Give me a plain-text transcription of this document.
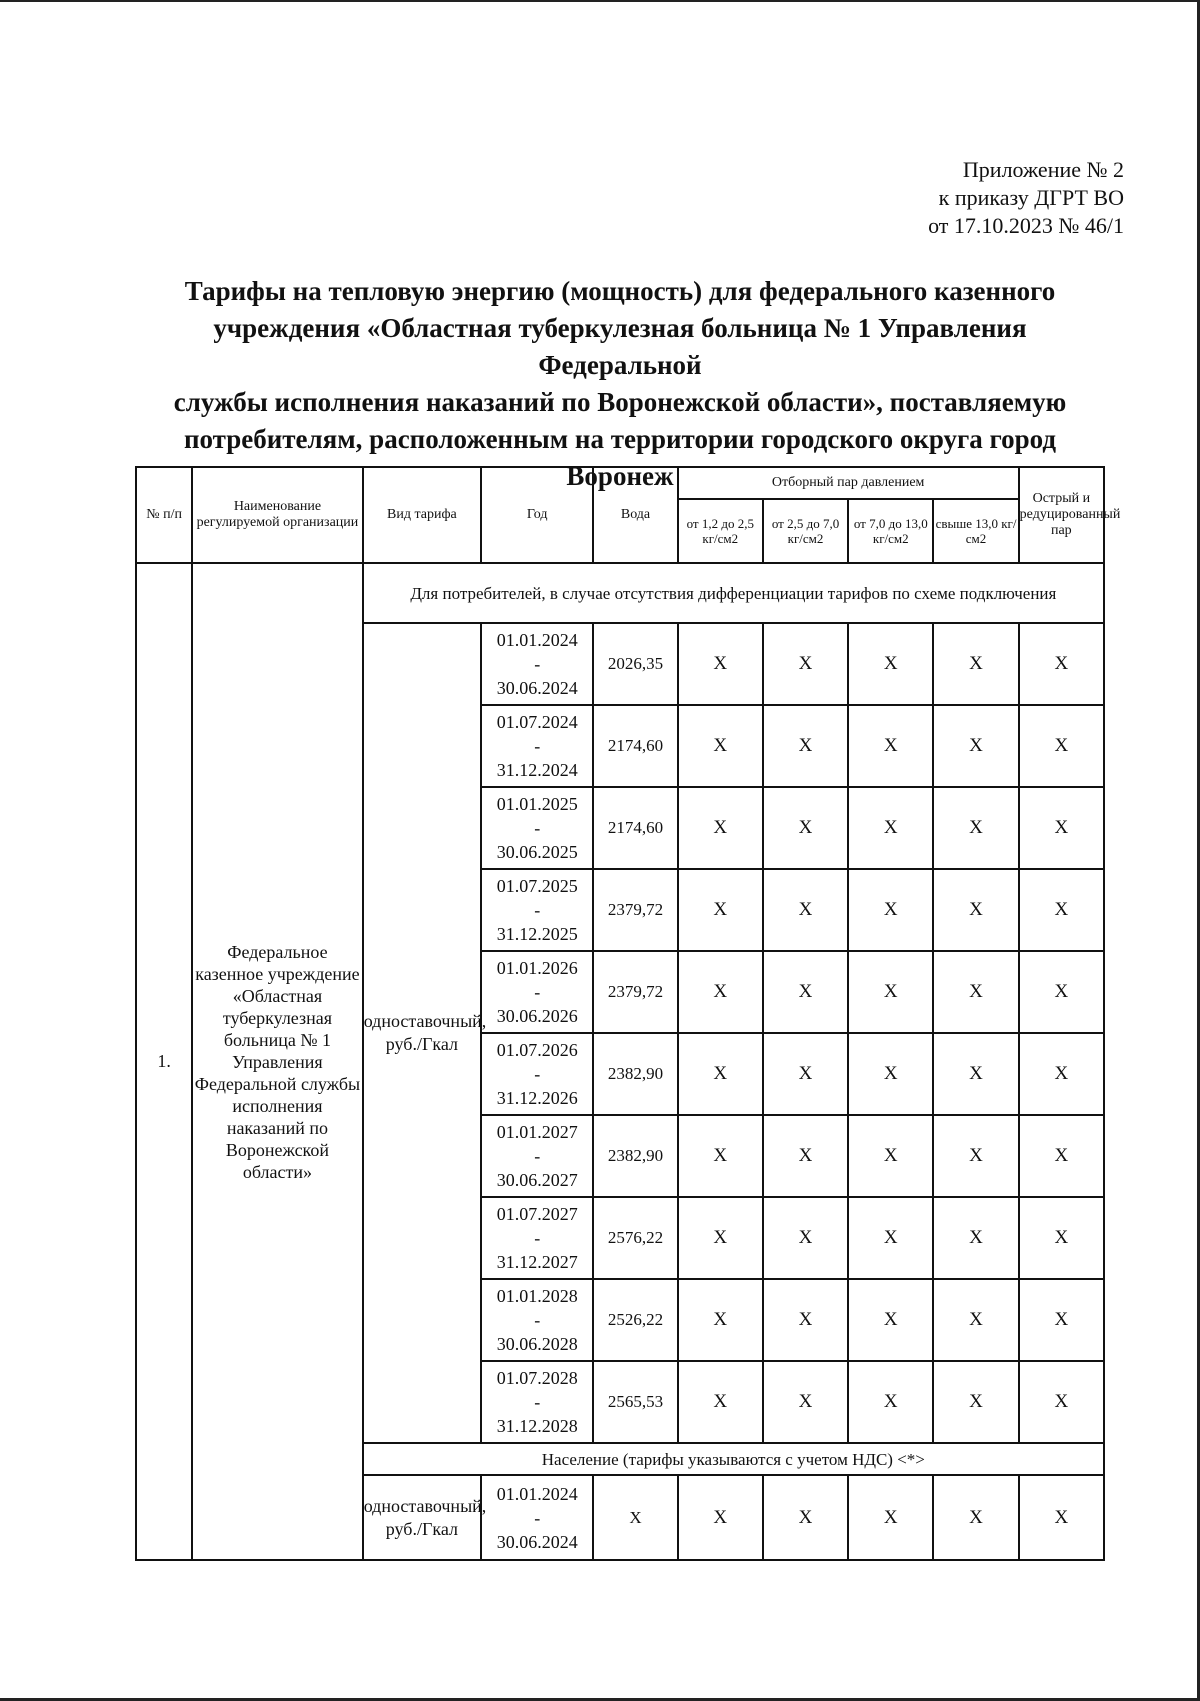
Приложение № 2
к приказу ДГРТ ВО
от 17.10.2023 № 46/1
Тарифы на тепловую энергию (мощность) для федерального казенного
учреждения «Областная туберкулезная больница № 1 Управления Федеральной
службы исполнения наказаний по Воронежской области», поставляемую
потребителям, расположенным на территории городского округа город Воронеж
№ п/п	Наименование регулируемой организации	Вид тарифа	Год	Вода	Отборный пар давлением				Острый и редуцированный пар
					от 1,2 до 2,5 кг/см2	от 2,5 до 7,0 кг/см2	от 7,0 до 13,0 кг/см2	свыше 13,0 кг/см2	
1.	Федеральное казенное учреждение «Областная туберкулезная больница № 1 Управления Федеральной службы исполнения наказаний по Воронежской области»	Для потребителей, в случае отсутствия дифференциации тарифов по схеме подключения							
		одноставочный, руб./Гкал	01.01.2024
-
30.06.2024	2026,35	X	X	X	X	X

			01.07.2024
-
31.12.2024	2174,60	X	X	X	X	X

			01.01.2025
-
30.06.2025	2174,60	X	X	X	X	X

			01.07.2025
-
31.12.2025	2379,72	X	X	X	X	X

			01.01.2026
-
30.06.2026	2379,72	X	X	X	X	X

			01.07.2026
-
31.12.2026	2382,90	X	X	X	X	X

			01.01.2027
-
30.06.2027	2382,90	X	X	X	X	X

			01.07.2027
-
31.12.2027	2576,22	X	X	X	X	X

			01.01.2028
-
30.06.2028	2526,22	X	X	X	X	X

			01.07.2028
-
31.12.2028	2565,53	X	X	X	X	X
		Население (тарифы указываются с учетом НДС) <*>							
		одноставочный, руб./Гкал	01.01.2024
-
30.06.2024	X	X	X	X	X	X
